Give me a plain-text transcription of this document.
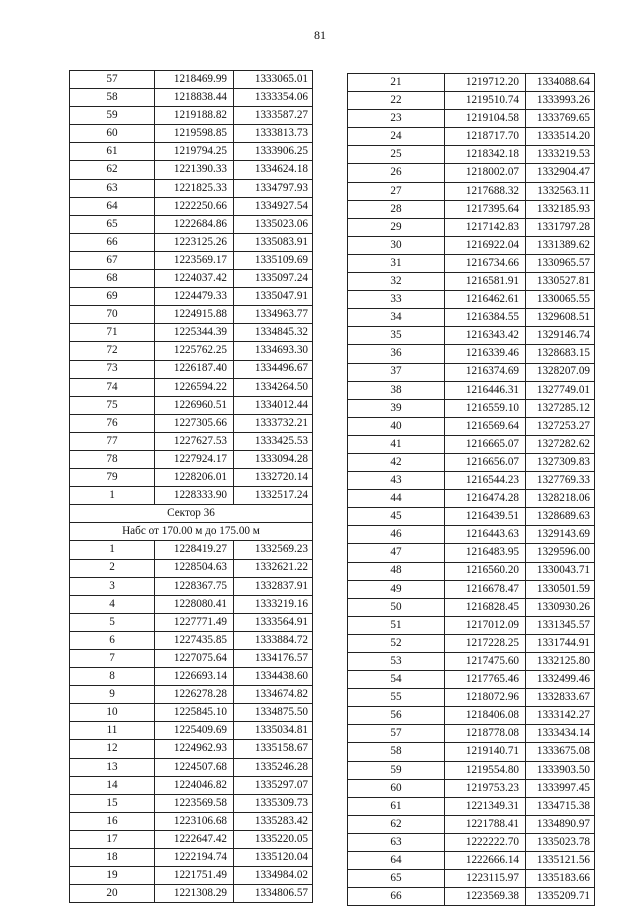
81
57	1218469.99	1333065.01
58	1218838.44	1333354.06
59	1219188.82	1333587.27
60	1219598.85	1333813.73
61	1219794.25	1333906.25
62	1221390.33	1334624.18
63	1221825.33	1334797.93
64	1222250.66	1334927.54
65	1222684.86	1335023.06
66	1223125.26	1335083.91
67	1223569.17	1335109.69
68	1224037.42	1335097.24
69	1224479.33	1335047.91
70	1224915.88	1334963.77
71	1225344.39	1334845.32
72	1225762.25	1334693.30
73	1226187.40	1334496.67
74	1226594.22	1334264.50
75	1226960.51	1334012.44
76	1227305.66	1333732.21
77	1227627.53	1333425.53
78	1227924.17	1333094.28
79	1228206.01	1332720.14
1	1228333.90	1332517.24
Сектор 36		
Набс от 170.00 м до 175.00 м		
1	1228419.27	1332569.23
2	1228504.63	1332621.22
3	1228367.75	1332837.91
4	1228080.41	1333219.16
5	1227771.49	1333564.91
6	1227435.85	1333884.72
7	1227075.64	1334176.57
8	1226693.14	1334438.60
9	1226278.28	1334674.82
10	1225845.10	1334875.50
11	1225409.69	1335034.81
12	1224962.93	1335158.67
13	1224507.68	1335246.28
14	1224046.82	1335297.07
15	1223569.58	1335309.73
16	1223106.68	1335283.42
17	1222647.42	1335220.05
18	1222194.74	1335120.04
19	1221751.49	1334984.02
20	1221308.29	1334806.57
21	1219712.20	1334088.64
22	1219510.74	1333993.26
23	1219104.58	1333769.65
24	1218717.70	1333514.20
25	1218342.18	1333219.53
26	1218002.07	1332904.47
27	1217688.32	1332563.11
28	1217395.64	1332185.93
29	1217142.83	1331797.28
30	1216922.04	1331389.62
31	1216734.66	1330965.57
32	1216581.91	1330527.81
33	1216462.61	1330065.55
34	1216384.55	1329608.51
35	1216343.42	1329146.74
36	1216339.46	1328683.15
37	1216374.69	1328207.09
38	1216446.31	1327749.01
39	1216559.10	1327285.12
40	1216569.64	1327253.27
41	1216665.07	1327282.62
42	1216656.07	1327309.83
43	1216544.23	1327769.33
44	1216474.28	1328218.06
45	1216439.51	1328689.63
46	1216443.63	1329143.69
47	1216483.95	1329596.00
48	1216560.20	1330043.71
49	1216678.47	1330501.59
50	1216828.45	1330930.26
51	1217012.09	1331345.57
52	1217228.25	1331744.91
53	1217475.60	1332125.80
54	1217765.46	1332499.46
55	1218072.96	1332833.67
56	1218406.08	1333142.27
57	1218778.08	1333434.14
58	1219140.71	1333675.08
59	1219554.80	1333903.50
60	1219753.23	1333997.45
61	1221349.31	1334715.38
62	1221788.41	1334890.97
63	1222222.70	1335023.78
64	1222666.14	1335121.56
65	1223115.97	1335183.66
66	1223569.38	1335209.71
